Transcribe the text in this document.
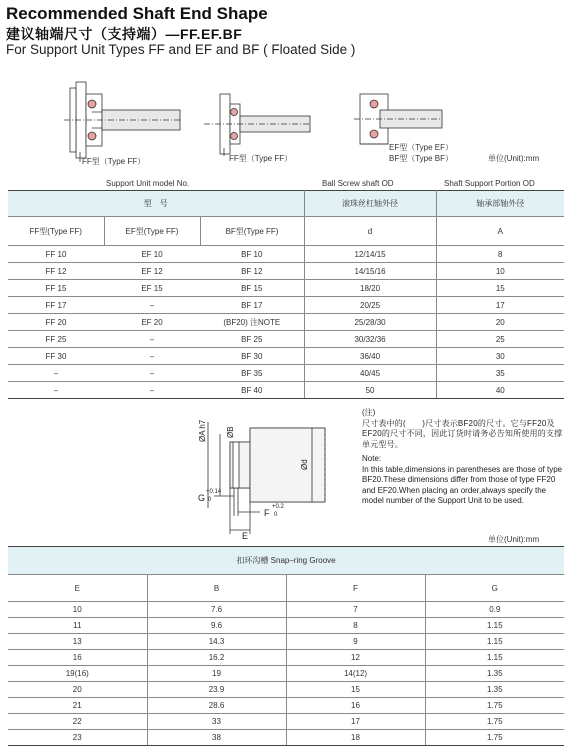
Recommended Shaft End Shape
建议轴端尺寸（支持端）—FF.EF.BF
For Support Unit Types FF and EF and BF ( Floated Side )
FF型（Type FF）	FF型（Type FF）
EF型（Type EF）
BF型（Type BF）	单位(Unit):mm
Support Unit model No.	Ball Screw shaft OD	Shaft Support Portion OD
型　号			滚珠丝杠轴外径	轴承部轴外径
FF型(Type FF)	EF型(Type FF)	BF型(Type FF)	d	A
FF 10	EF 10	BF 10	12/14/15	8
FF 12	EF 12	BF 12	14/15/16	10
FF 15	EF 15	BF 15	18/20	15
FF 17	–	BF 17	20/25	17
FF 20	EF 20	(BF20) 注NOTE	25/28/30	20
FF 25	–	BF 25	30/32/36	25
FF 30	–	BF 30	36/40	30
–	–	BF 35	40/45	35
–	–	BF 40	50	40
ØA h7 ØB
Ød
G
+0.14
0
F
+0.2
0
E
(注)
尺寸表中的(　　)尺寸表示BF20的尺寸。它与FF20及EF20的尺寸不同，因此订货时请务必告知所使用的支撑单元型号。
Note:
In this table,dimensions in parentheses are those of type BF20.These dimensions differ from those of type FF20 and EF20.When placing an order,always specify the model number of the Support Unit to be used.
单位(Unit):mm
扣环沟槽 Snap–ring Groove			
E	B	F	G
10	7.6	7	0.9
11	9.6	8	1.15
13	14.3	9	1.15
16	16.2	12	1.15
19(16)	19	14(12)	1.35
20	23.9	15	1.35
21	28.6	16	1.75
22	33	17	1.75
23	38	18	1.75
